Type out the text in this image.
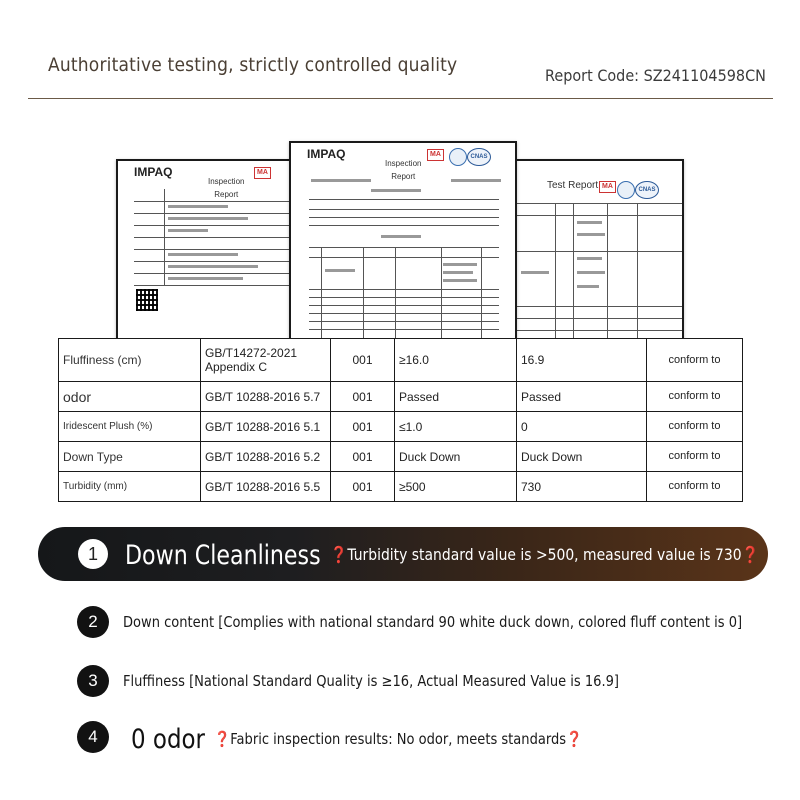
Authoritative testing, strictly controlled quality	Report Code: SZ241104598CN
IMPAQ
Inspection
Report
MA
Test Report MA	CNAS
IMPAQ
Inspection
Report
MA	CNAS
Fluffiness (cm)	GB/T14272-2021 Appendix C	001	≥16.0	16.9	conform to
odor	GB/T 10288-2016 5.7	001	Passed	Passed	conform to
Iridescent Plush (%)	GB/T 10288-2016 5.1	001	≤1.0	0	conform to
Down Type	GB/T 10288-2016 5.2	001	Duck Down	Duck Down	conform to
Turbidity (mm)	GB/T 10288-2016 5.5	001	≥500	730	conform to
1	Down Cleanliness ❓Turbidity standard value is >500, measured value is 730❓
2	Down content [Complies with national standard 90 white duck down, colored fluff content is 0]
3	Fluffiness [National Standard Quality is ≥16, Actual Measured Value is 16.9]
4	0 odor ❓Fabric inspection results: No odor, meets standards❓
